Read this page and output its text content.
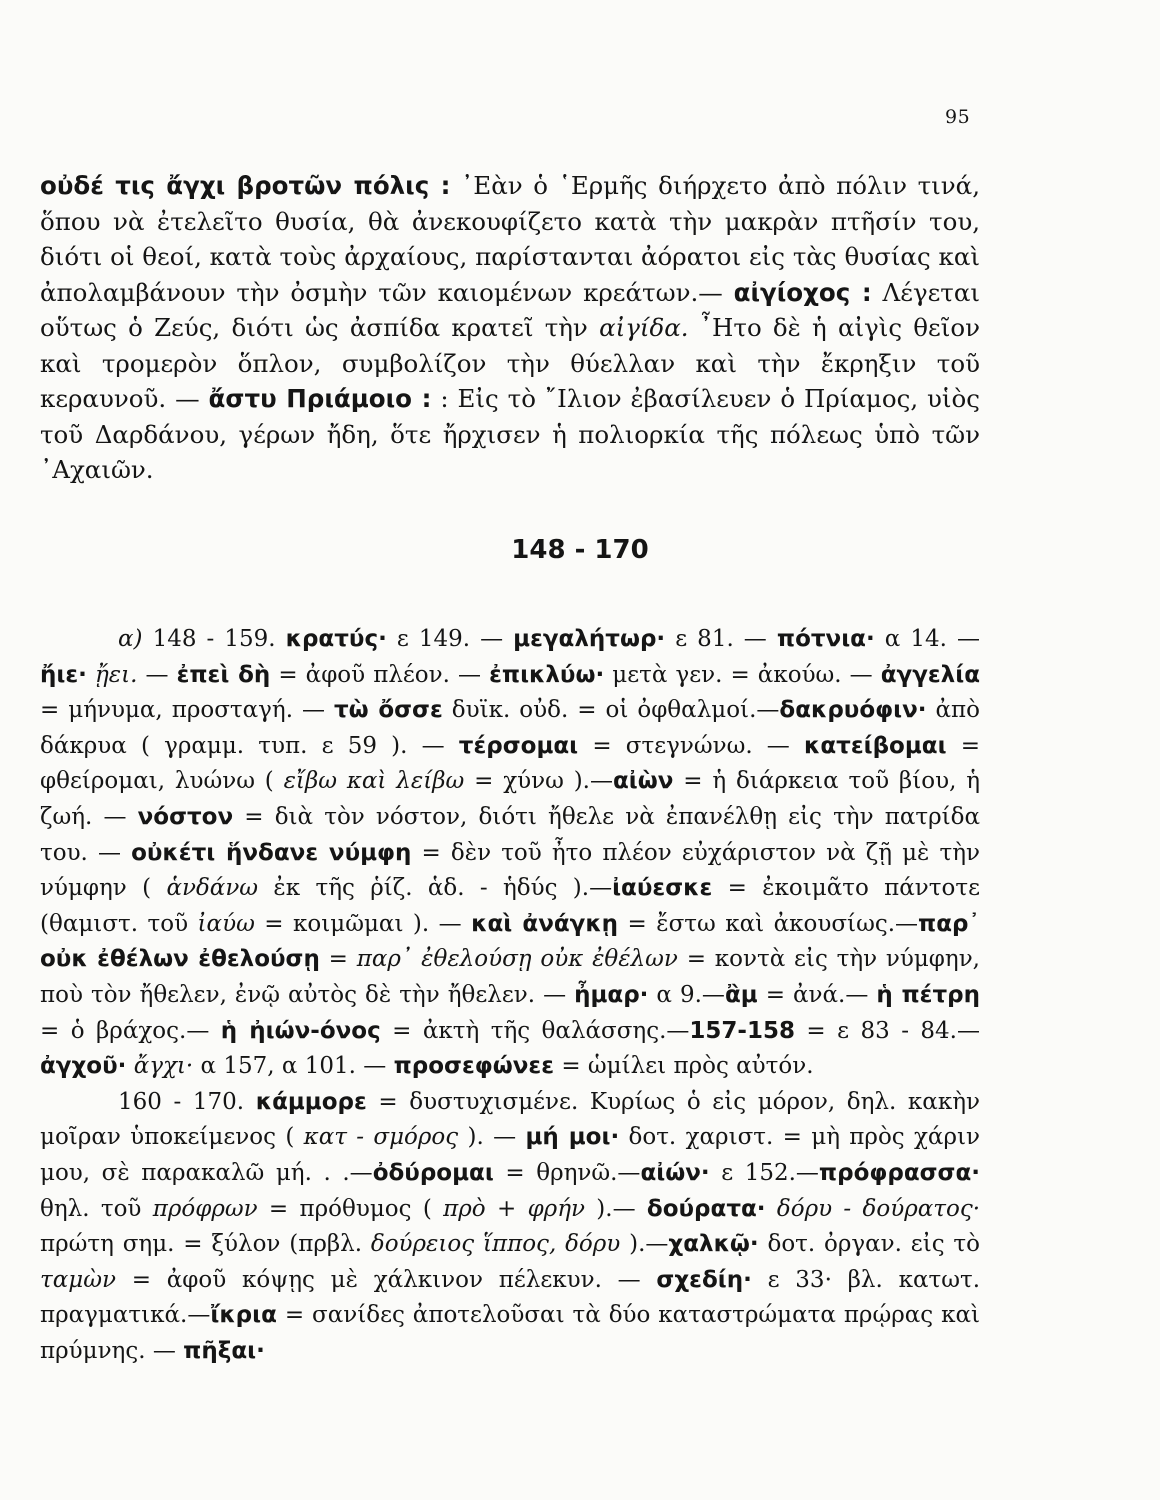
95

οὐδέ τις ἄγχι βροτῶν πόλις : ᾿Εὰν ὁ ῾Ερμῆς διήρχετο ἀπὸ πόλιν τινά, ὅπου νὰ ἐτελεῖτο θυσία, θὰ ἀνεκουφίζετο κατὰ τὴν μακρὰν πτῆσίν του, διότι οἱ θεοί, κατὰ τοὺς ἀρχαίους, παρίστανται ἀόρατοι εἰς τὰς θυσίας καὶ ἀπολαμβάνουν τὴν ὀσμὴν τῶν καιομένων κρεάτων.— αἰγίοχος : Λέγεται οὕτως ὁ Ζεύς, διότι ὡς ἀσπίδα κρατεῖ τὴν αἰγίδα. ῏Ητο δὲ ἡ αἰγὶς θεῖον καὶ τρομερὸν ὅπλον, συμβολίζον τὴν θύελλαν καὶ τὴν ἔκρηξιν τοῦ κεραυνοῦ. — ἄστυ Πριάμοιο : : Εἰς τὸ ῎Ιλιον ἐβασίλευεν ὁ Πρίαμος, υἱὸς τοῦ Δαρδάνου, γέρων ἤδη, ὅτε ἤρχισεν ἡ πολιορκία τῆς πόλεως ὑπὸ τῶν ᾿Αχαιῶν.

148 - 170

α) 148 - 159. κρατύς· ε 149. — μεγαλήτωρ· ε 81. — πότνια· α 14. — ἤιε· ᾔει. — ἐπεὶ δὴ = ἀφοῦ πλέον. — ἐπικλύω· μετὰ γεν. = ἀκούω. — ἀγγελία = μήνυμα, προσταγή. — τὼ ὄσσε δυϊκ. οὐδ. = οἱ ὀφθαλμοί.—δακρυόφιν· ἀπὸ δάκρυα ( γραμμ. τυπ. ε 59 ). — τέρσομαι = στεγνώνω. — κατείβομαι = φθείρομαι, λυώνω ( εἴβω καὶ λείβω = χύνω ).—αἰὼν = ἡ διάρκεια τοῦ βίου, ἡ ζωή. — νόστον = διὰ τὸν νόστον, διότι ἤθελε νὰ ἐπανέλθῃ εἰς τὴν πατρίδα του. — οὐκέτι ἥνδανε νύμφη = δὲν τοῦ ἦτο πλέον εὐχάριστον νὰ ζῇ μὲ τὴν νύμφην ( ἁνδάνω ἐκ τῆς ῥίζ. ἁδ. - ἡδύς ).—ἰαύεσκε = ἐκοιμᾶτο πάντοτε (θαμιστ. τοῦ ἰαύω = κοιμῶμαι ). — καὶ ἀνάγκῃ = ἔστω καὶ ἀκουσίως.—παρ᾿ οὐκ ἐθέλων ἐθελούσῃ = παρ᾿ ἐθελούσῃ οὐκ ἐθέλων = κοντὰ εἰς τὴν νύμφην, ποὺ τὸν ἤθελεν, ἐνῷ αὐτὸς δὲ τὴν ἤθελεν. — ἦμαρ· α 9.—ἂμ = ἀνά.— ἡ πέτρη = ὁ βράχος.— ἡ ἠιών-όνος = ἀκτὴ τῆς θαλάσσης.—157-158 = ε 83 - 84.—ἀγχοῦ· ἄγχι· α 157, α 101. — προσεφώνεε = ὡμίλει πρὸς αὐτόν.

160 - 170. κάμμορε = δυστυχισμένε. Κυρίως ὁ εἰς μόρον, δηλ. κακὴν μοῖραν ὑποκείμενος ( κατ - σμόρος ). — μή μοι· δοτ. χαριστ. = μὴ πρὸς χάριν μου, σὲ παρακαλῶ μή. . .—ὀδύρομαι = θρηνῶ.—αἰών· ε 152.—πρόφρασσα· θηλ. τοῦ πρόφρων = πρόθυμος ( πρὸ + φρήν ).— δούρατα· δόρυ - δούρατος· πρώτη σημ. = ξύλον (πρβλ. δούρειος ἵππος, δόρυ ).—χαλκῷ· δοτ. ὀργαν. εἰς τὸ ταμὼν = ἀφοῦ κόψῃς μὲ χάλκινον πέλεκυν. — σχεδίη· ε 33· βλ. κατωτ. πραγματικά.—ἴκρια = σανίδες ἀποτελοῦσαι τὰ δύο καταστρώματα πρῴρας καὶ πρύμνης. — πῆξαι·
